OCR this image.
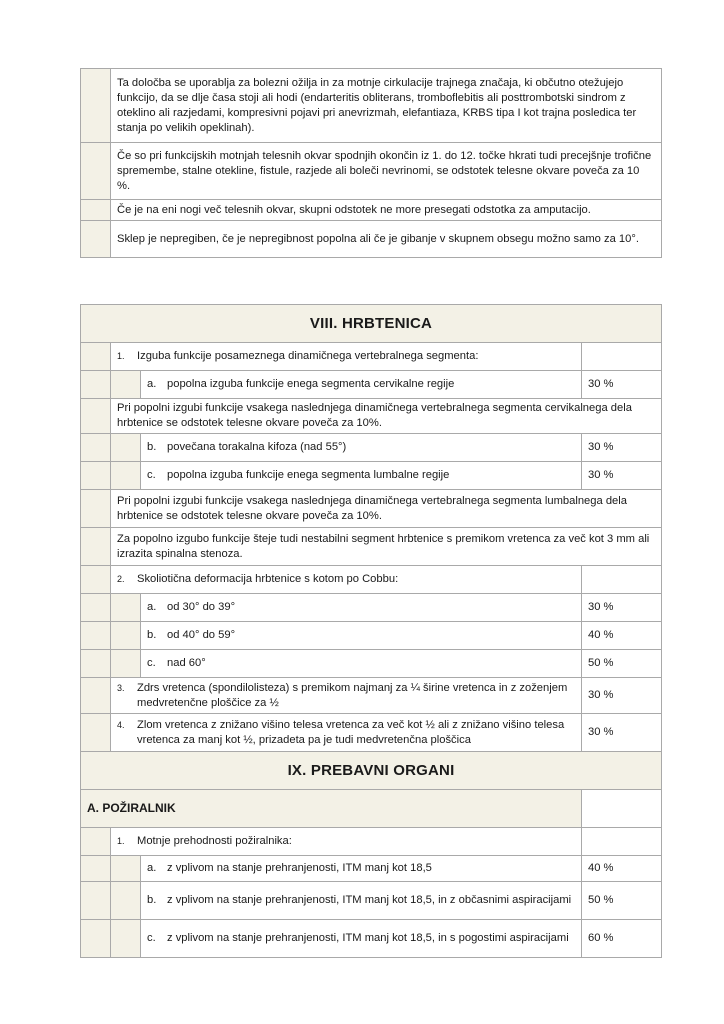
	Ta določba se uporablja za bolezni ožilja in za motnje cirkulacije trajnega značaja, ki občutno otežujejo funkcijo, da se dlje časa stoji ali hodi (endarteritis obliterans, tromboflebitis ali posttrombotski sindrom z oteklino ali razjedami, kompresivni pojavi pri anevrizmah, elefantiaza, KRBS tipa I kot trajna posledica ter stanja po velikih opeklinah).
	Če so pri funkcijskih motnjah telesnih okvar spodnjih okončin iz 1. do 12. točke hkrati tudi precejšnje trofične spremembe, stalne otekline, fistule, razjede ali boleči nevrinomi, se odstotek telesne okvare poveča za 10 %.
	Če je na eni nogi več telesnih okvar, skupni odstotek ne more presegati odstotka za amputacijo.
	Sklep je nepregiben, če je nepregibnost popolna ali če je gibanje v skupnem obsegu možno samo za 10°.
VIII. HRBTENICA			
	1. Izguba funkcije posameznega dinamičnega vertebralnega segmenta:		
		a. popolna izguba funkcije enega segmenta cervikalne regije	30 %
	Pri popolni izgubi funkcije vsakega naslednjega dinamičnega vertebralnega segmenta cervikalnega dela hrbtenice se odstotek telesne okvare poveča za 10%.		
		b. povečana torakalna kifoza (nad 55°)	30 %
		c. popolna izguba funkcije enega segmenta lumbalne regije	30 %
	Pri popolni izgubi funkcije vsakega naslednjega dinamičnega vertebralnega segmenta lumbalnega dela hrbtenice se odstotek telesne okvare poveča za 10%.		
	Za popolno izgubo funkcije šteje tudi nestabilni segment hrbtenice s premikom vretenca za več kot 3 mm ali izrazita spinalna stenoza.		
	2. Skoliotična deformacija hrbtenice s kotom po Cobbu:		
		a. od 30° do 39°	30 %
		b. od 40° do 59°	40 %
		c. nad 60°	50 %

	3. Zdrs vretenca (spondilolisteza) s premikom najmanj za ¼ širine vretenca in z zoženjem medvretenčne ploščice za ½		30 %

	4. Zlom vretenca z znižano višino telesa vretenca za več kot ½ ali z znižano višino telesa vretenca za manj kot ½, prizadeta pa je tudi medvretenčna ploščica		30 %
IX. PREBAVNI ORGANI			
A. POŽIRALNIK			
	1. Motnje prehodnosti požiralnika:		
		a. z vplivom na stanje prehranjenosti, ITM manj kot 18,5	40 %

		b. z vplivom na stanje prehranjenosti, ITM manj kot 18,5, in z občasnimi aspiracijami	50 %

		c. z vplivom na stanje prehranjenosti, ITM manj kot 18,5, in s pogostimi aspiracijami	60 %
